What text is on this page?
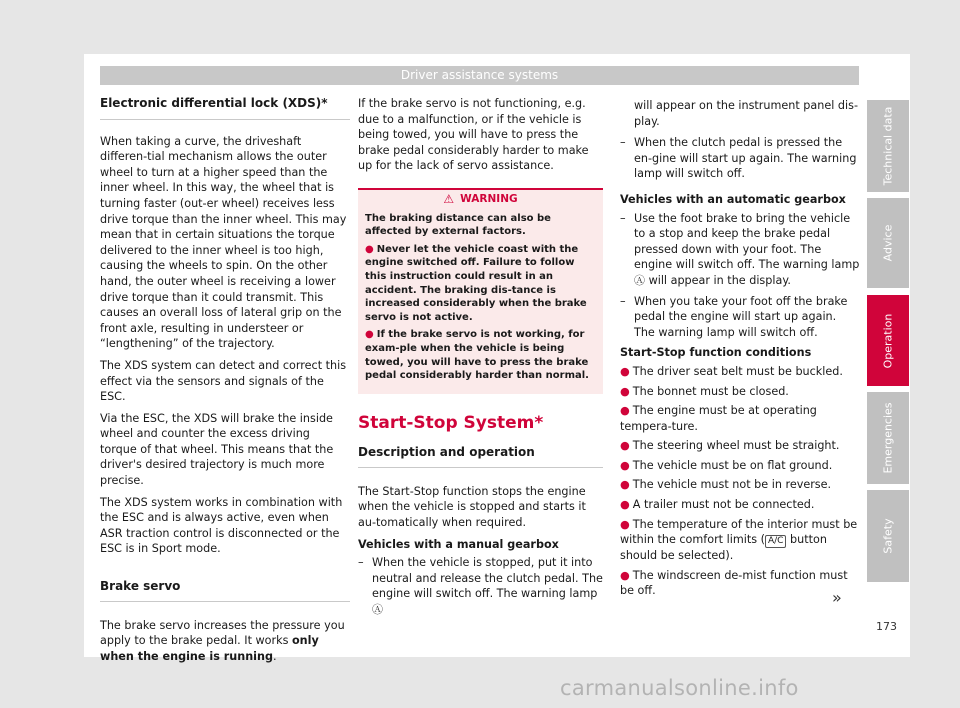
Driver assistance systems
Electronic differential lock (XDS)*

When taking a curve, the driveshaft differen-tial mechanism allows the outer wheel to turn at a higher speed than the inner wheel. In this way, the wheel that is turning faster (out-er wheel) receives less drive torque than the inner wheel. This may mean that in certain situations the torque delivered to the inner wheel is too high, causing the wheels to spin. On the other hand, the outer wheel is receiving a lower drive torque than it could transmit. This causes an overall loss of lateral grip on the front axle, resulting in understeer or “lengthening” of the trajectory.

The XDS system can detect and correct this effect via the sensors and signals of the ESC.

Via the ESC, the XDS will brake the inside wheel and counter the excess driving torque of that wheel. This means that the driver's desired trajectory is much more precise.

The XDS system works in combination with the ESC and is always active, even when ASR traction control is disconnected or the ESC is in Sport mode.

Brake servo

The brake servo increases the pressure you apply to the brake pedal. It works only when the engine is running.

If the brake servo is not functioning, e.g. due to a malfunction, or if the vehicle is being towed, you will have to press the brake pedal considerably harder to make up for the lack of servo assistance.

⚠ WARNING

The braking distance can also be affected by external factors.

● Never let the vehicle coast with the engine switched off. Failure to follow this instruction could result in an accident. The braking dis-tance is increased considerably when the brake servo is not active.

● If the brake servo is not working, for exam-ple when the vehicle is being towed, you will have to press the brake pedal considerably harder than normal.

Start-Stop System*
Description and operation

The Start-Stop function stops the engine when the vehicle is stopped and starts it au-tomatically when required.

Vehicles with a manual gearbox
– When the vehicle is stopped, put it into neutral and release the clutch pedal. The engine will switch off. The warning lamp Ⓐ

will appear on the instrument panel dis-play.

– When the clutch pedal is pressed the en-gine will start up again. The warning lamp will switch off.
Vehicles with an automatic gearbox
– Use the foot brake to bring the vehicle to a stop and keep the brake pedal pressed down with your foot. The engine will switch off. The warning lamp Ⓐ will appear in the display.
– When you take your foot off the brake pedal the engine will start up again. The warning lamp will switch off.
Start-Stop function conditions
● The driver seat belt must be buckled.
● The bonnet must be closed.
● The engine must be at operating tempera-ture.
● The steering wheel must be straight.
● The vehicle must be on flat ground.
● The vehicle must not be in reverse.
● A trailer must not be connected.
● The temperature of the interior must be within the comfort limits ( A/C button should be selected).
● The windscreen de-mist function must be off.	»
173
Technical data
Advice
Operation
Emergencies
Safety
carmanualsonline.info
